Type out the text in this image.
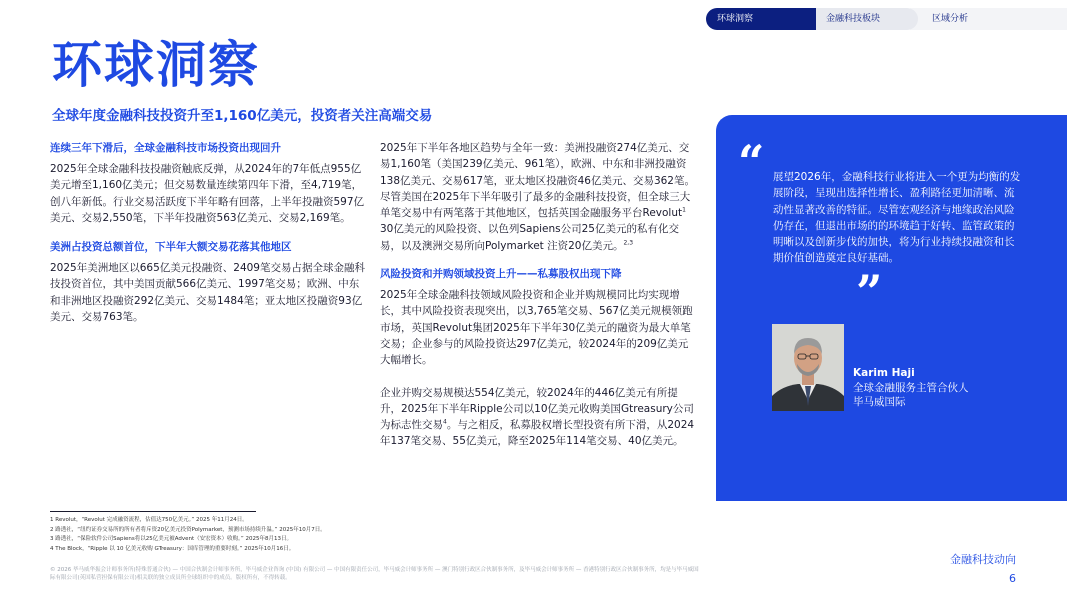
环球洞察	金融科技板块	区域分析
环球洞察
全球年度金融科技投资升至1,160亿美元，投资者关注高端交易
连续三年下滑后，全球金融科技市场投资出现回升

2025年全球金融科技投融资触底反弹，从2024年的7年低点955亿美元增至1,160亿美元；但交易数量连续第四年下滑，至4,719笔，创八年新低。行业交易活跃度下半年略有回落，上半年投融资597亿美元、交易2,550笔，下半年投融资563亿美元、交易2,169笔。

美洲占投资总额首位，下半年大额交易花落其他地区

2025年美洲地区以665亿美元投融资、2409笔交易占据全球金融科技投资首位，其中美国贡献566亿美元、1997笔交易；欧洲、中东和非洲地区投融资292亿美元、交易1484笔；亚太地区投融资93亿美元、交易763笔。

2025年下半年各地区趋势与全年一致：美洲投融资274亿美元、交易1,160笔（美国239亿美元、961笔），欧洲、中东和非洲投融资138亿美元、交易617笔，亚太地区投融资46亿美元、交易362笔。尽管美国在2025年下半年吸引了最多的金融科技投资，但全球三大单笔交易中有两笔落于其他地区，包括英国金融服务平台Revolut$^1$ 30亿美元的风险投资、以色列Sapiens公司25亿美元的私有化交易，以及澳洲交易所向Polymarket 注资20亿美元。$^{2,3}$

风险投资和并购领域投资上升——私募股权出现下降

2025年全球金融科技领域风险投资和企业并购规模同比均实现增长，其中风险投资表现突出，以3,765笔交易、567亿美元规模领跑市场，英国Revolut集团2025年下半年30亿美元的融资为最大单笔交易；企业参与的风险投资达297亿美元，较2024年的209亿美元大幅增长。

企业并购交易规模达554亿美元，较2024年的446亿美元有所提升，2025年下半年Ripple公司以10亿美元收购美国Gtreasury公司为标志性交易$^4$。与之相反，私募股权增长型投资有所下滑，从2024年137笔交易、55亿美元，降至2025年114笔交易、40亿美元。

“ 展望2026年，金融科技行业将进入一个更为均衡的发展阶段，呈现出选择性增长、盈利路径更加清晰、流动性显著改善的特征。尽管宏观经济与地缘政治风险仍存在，但退出市场的的环境趋于好转、监管政策的明晰以及创新步伐的加快，将为行业持续投融资和长期价值创造奠定良好基础。

”
Karim Haji
全球金融服务主管合伙人
毕马威国际
1 Revolut，“Revolut 完成融资流程，估值达750亿美元。” 2025 年11月24日。
2 路透社，“纽约证券交易所的所有者将斥资20亿美元投资Polymarket，预测市场持续升温。” 2025年10月7日。
3 路透社，“保险软件公司Sapiens将以25亿美元被Advent（安宏资本）收购。” 2025年8月13日。
4 The Block，“Ripple 以 10 亿美元收购 GTreasury：国库管理的重要时刻。” 2025年10月16日。
© 2026 毕马威华振会计师事务所(特殊普通合伙) — 中国合伙制会计师事务所，毕马威企业咨询 (中国) 有限公司 — 中国有限责任公司，毕马威会计师事务所 — 澳门特别行政区合伙制事务所，及毕马威会计师事务所 — 香港特别行政区合伙制事务所，均是与毕马威国际有限公司(英国私营担保有限公司)相关联的独立成员所全球组织中的成员。版权所有，不得转载。
金融科技动向
6
